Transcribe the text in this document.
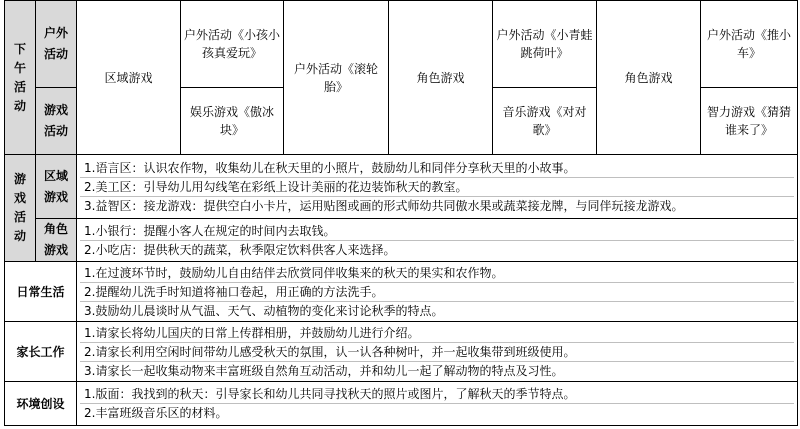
下午活动	户外活动	区域游戏	户外活动《小孩小孩真爱玩》	户外活动《滚轮胎》	角色游戏	户外活动《小青蛙跳荷叶》	角色游戏	户外活动《推小车》

	游戏活动		娱乐游戏《傲冰块》			音乐游戏《对对歌》		智力游戏《猜猜谁来了》

游戏活动	区域游戏	1.语言区：认识农作物，收集幼儿在秋天里的小照片，鼓励幼儿和同伴分享秋天里的小故事。
2.美工区：引导幼儿用勾线笔在彩纸上设计美丽的花边装饰秋天的教室。
3.益智区：接龙游戏：提供空白小卡片，运用贴图或画的形式师幼共同傲水果或蔬菜接龙牌，与同伴玩接龙游戏。						

	角色游戏	1.小银行：提醒小客人在规定的时间内去取钱。
2.小吃店：提供秋天的蔬菜，秋季限定饮料供客人来选择。						

日常生活		1.在过渡环节时，鼓励幼儿自由结伴去欣赏同伴收集来的秋天的果实和农作物。
2.提醒幼儿洗手时知道将袖口卷起，用正确的方法洗手。
3.鼓励幼儿晨谈时从气温、天气、动植物的变化来讨论秋季的特点。						

家长工作		1.请家长将幼儿国庆的日常上传群相册，并鼓励幼儿进行介绍。
2.请家长利用空闲时间带幼儿感受秋天的氛围，认一认各种树叶，并一起收集带到班级使用。
3.请家长一起收集动物来丰富班级自然角互动活动，并和幼儿一起了解动物的特点及习性。						

环境创设		1.版面：我找到的秋天：引导家长和幼儿共同寻找秋天的照片或图片，了解秋天的季节特点。
2.丰富班级音乐区的材料。						
